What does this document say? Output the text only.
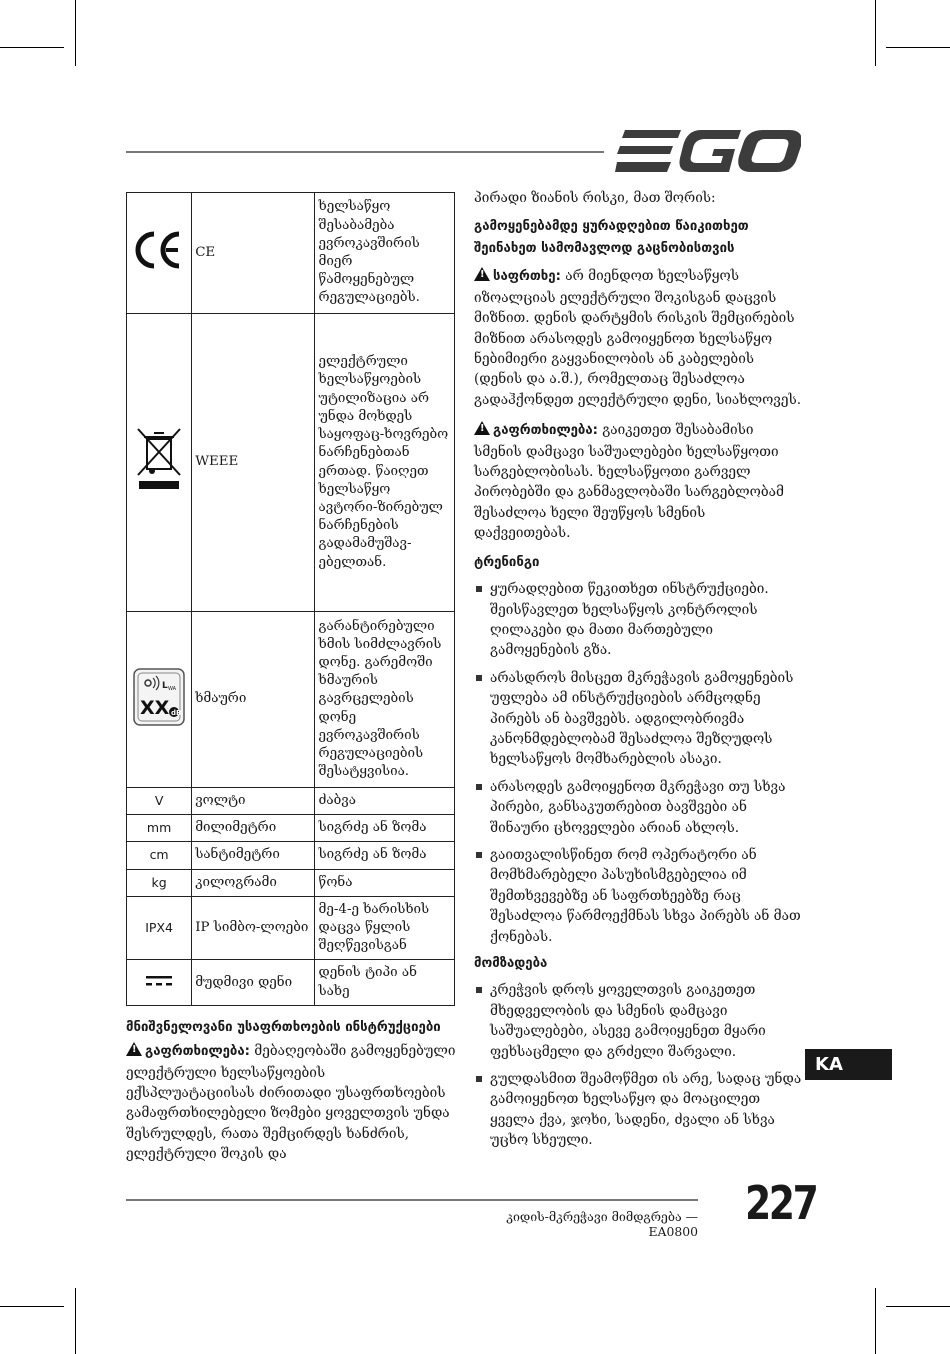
	CE	ხელსაწყო შესაბამება ევროკავშირის მიერ წამოყენებულ რეგულაციებს.
	WEEE	ელექტრული ხელსაწყოების უტილიზაცია არ უნდა მოხდეს საყოფაც-ხოვრებო ნარჩენებთან ერთად. წაიღეთ ხელსაწყო ავტორი-ზირებულ ნარჩენების გადამამუშავ-ებელთან.

L WA
XX dB	ხმაური	გარანტირებული ხმის სიმძლავრის დონე. გარემოში ხმაურის გავრცელების დონე ევროკავშირის რეგულაციების შესატყვისია.
V	ვოლტი	ძაბვა
mm	მილიმეტრი	სიგრძე ან ზომა
cm	სანტიმეტრი	სიგრძე ან ზომა
kg	კილოგრამი	წონა
IPX4	IP სიმბო-ლოები	მე-4-ე ხარისხის დაცვა წყლის შეღწევისგან
	მუდმივი დენი	დენის ტიპი ან სახე

მნიშვნელოვანი უსაფრთხოების ინსტრუქციები

!გაფრთხილება: მებაღეობაში გამოყენებული ელექტრული ხელსაწყოების ექსპლუატაციისას ძირითადი უსაფრთხოების გამაფრთხილებელი ზომები ყოველთვის უნდა შესრულდეს, რათა შემცირდეს ხანძრის, ელექტრული შოკის და

პირადი ზიანის რისკი, მათ შორის:

გამოყენებამდე ყურადღებით წაიკითხეთ შეინახეთ სამომავლოდ გაცნობისთვის

!საფრთხე: არ მიენდოთ ხელსაწყოს იზოალციას ელექტრული შოკისგან დაცვის მიზნით. დენის დარტყმის რისკის შემცირების მიზნით არასოდეს გამოიყენოთ ხელსაწყო ნებიმიერი გაყვანილობის ან კაბელების (დენის და ა.შ.), რომელთაც შესაძლოა გადაჰქონდეთ ელექტრული დენი, სიახლოვეს.

!გაფრთხილება: გაიკეთეთ შესაბამისი სმენის დამცავი საშუალებები ხელსაწყოთი სარგებლობისას. ხელსაწყოთი გარველ პირობებში და განმავლობაში სარგებლობამ შესაძლოა ხელი შეუწყოს სმენის დაქვეითებას.

ტრენინგი

ყურადღებით წეკითხეთ ინსტრუქციები. შეისწავლეთ ხელსაწყოს კონტროლის ღილაკები და მათი მართებული გამოყენების გზა.
არასდროს მისცეთ მკრეჭავის გამოყენების უფლება ამ ინსტრუქციების არმცოდნე პირებს ან ბავშვებს. ადგილობრივმა კანონმდებლობამ შესაძლოა შეზღუდოს ხელსაწყოს მომხარებლის ასაკი.
არასოდეს გამოიყენოთ მკრეჭავი თუ სხვა პირები, განსაკუთრებით ბავშვები ან შინაური ცხოველები არიან ახლოს.
გაითვალისწინეთ რომ ოპერატორი ან მომხმარებელი პასუხისმგებელია იმ შემთხვევებზე ან საფრთხეებზე რაც შესაძლოა წარმოექმნას სხვა პირებს ან მათ ქონებას.

მომზადება

კრეჭვის დროს ყოველთვის გაიკეთეთ მხედველობის და სმენის დამცავი საშუალებები, ასევე გამოიყენეთ მყარი ფეხსაცმელი და გრძელი შარვალი.
გულდასმით შეამოწმეთ ის არე, სადაც უნდა გამოიყენოთ ხელსაწყო და მოაცილეთ ყველა ქვა, ჯოხი, სადენი, ძვალი ან სხვა უცხო სხეული.
KA
227
კიდის-მკრეჭავი მიმდგრება — EA0800
